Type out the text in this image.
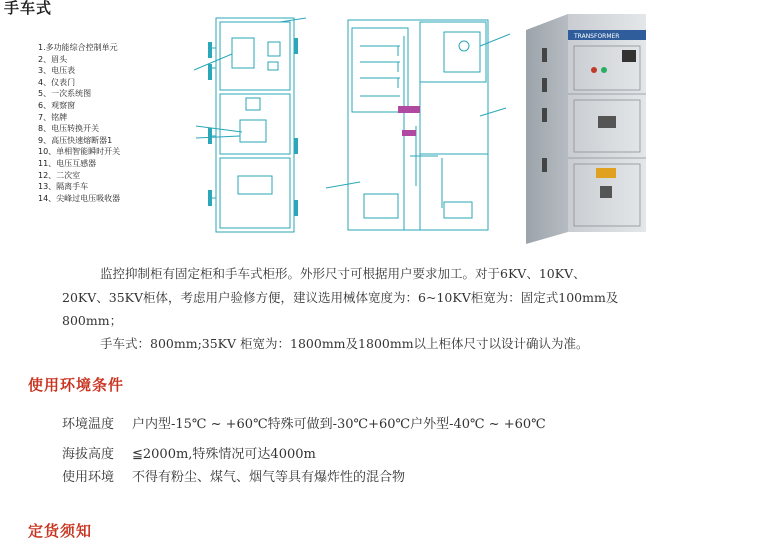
手车式
1.多功能综合控制单元
2、眉头
3、电压表
4、仪表门
5、一次系统图
6、观察窗
7、铭牌
8、电压转换开关
9、高压快速熔断器1
10、单相智能瞬时开关
11、电压互感器
12、二次室
13、隔离手车
14、尖峰过电压吸收器
TRANSFORMER
监控抑制柜有固定柜和手车式柜形。外形尺寸可根据用户要求加工。对于6KV、10KV、
20KV、35KV柜体，考虑用户验修方便，建议选用械体宽度为：6~10KV柜宽为：固定式100mm及
800mm；
手车式：800mm;35KV 柜宽为：1800mm及1800mm以上柜体尺寸以设计确认为准。
使用环境条件
环境温度 户内型-15℃ ~ +60℃特殊可做到-30℃+60℃户外型-40℃ ~ +60℃
海拔高度 ≦2000m,特殊情况可达4000m
使用环境 不得有粉尘、煤气、烟气等具有爆炸性的混合物
定货须知
